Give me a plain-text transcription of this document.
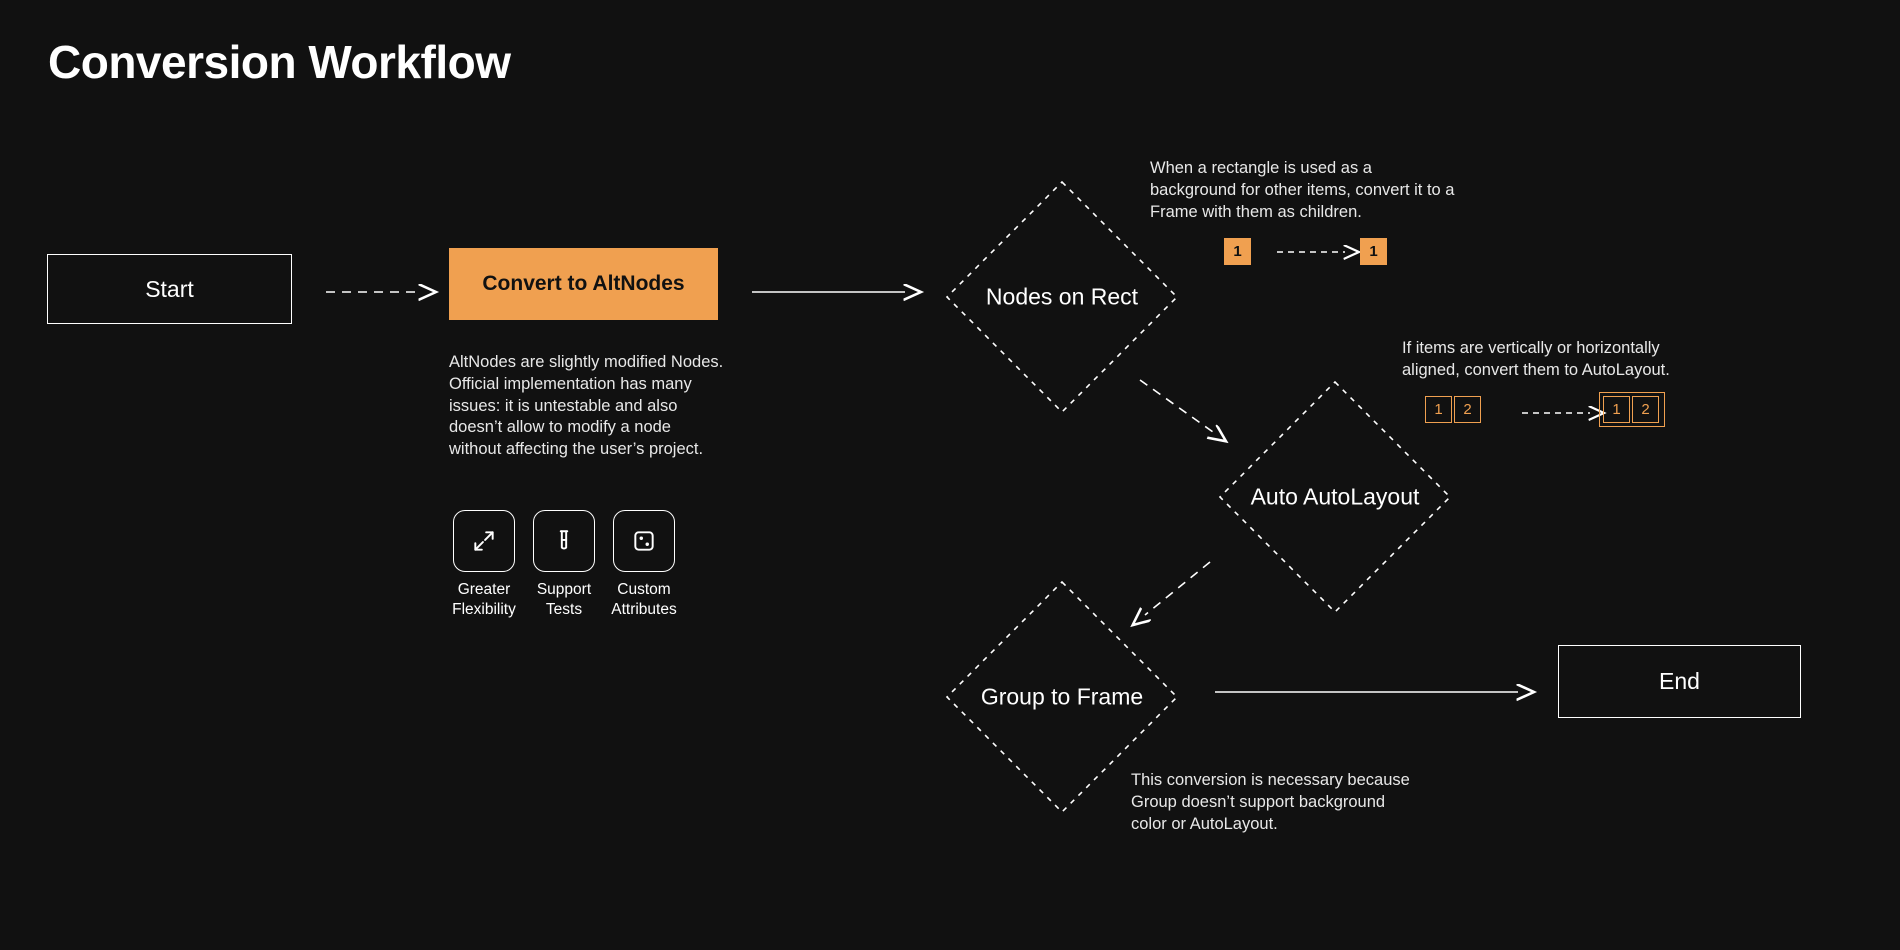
Conversion Workflow
Start	Convert to AltNodes
AltNodes are slightly modified Nodes. Official implementation has many issues: it is untestable and also doesn’t allow to modify a node without affecting the user’s project.
Greater Flexibility
Support Tests
Custom Attributes
Nodes on Rect
Auto AutoLayout
Group to Frame
End
When a rectangle is used as a background for other items, convert it to a Frame with them as children.
1	1
If items are vertically or horizontally aligned, convert them to AutoLayout.
1	2	1	2
This conversion is necessary because Group doesn’t support background color or AutoLayout.
